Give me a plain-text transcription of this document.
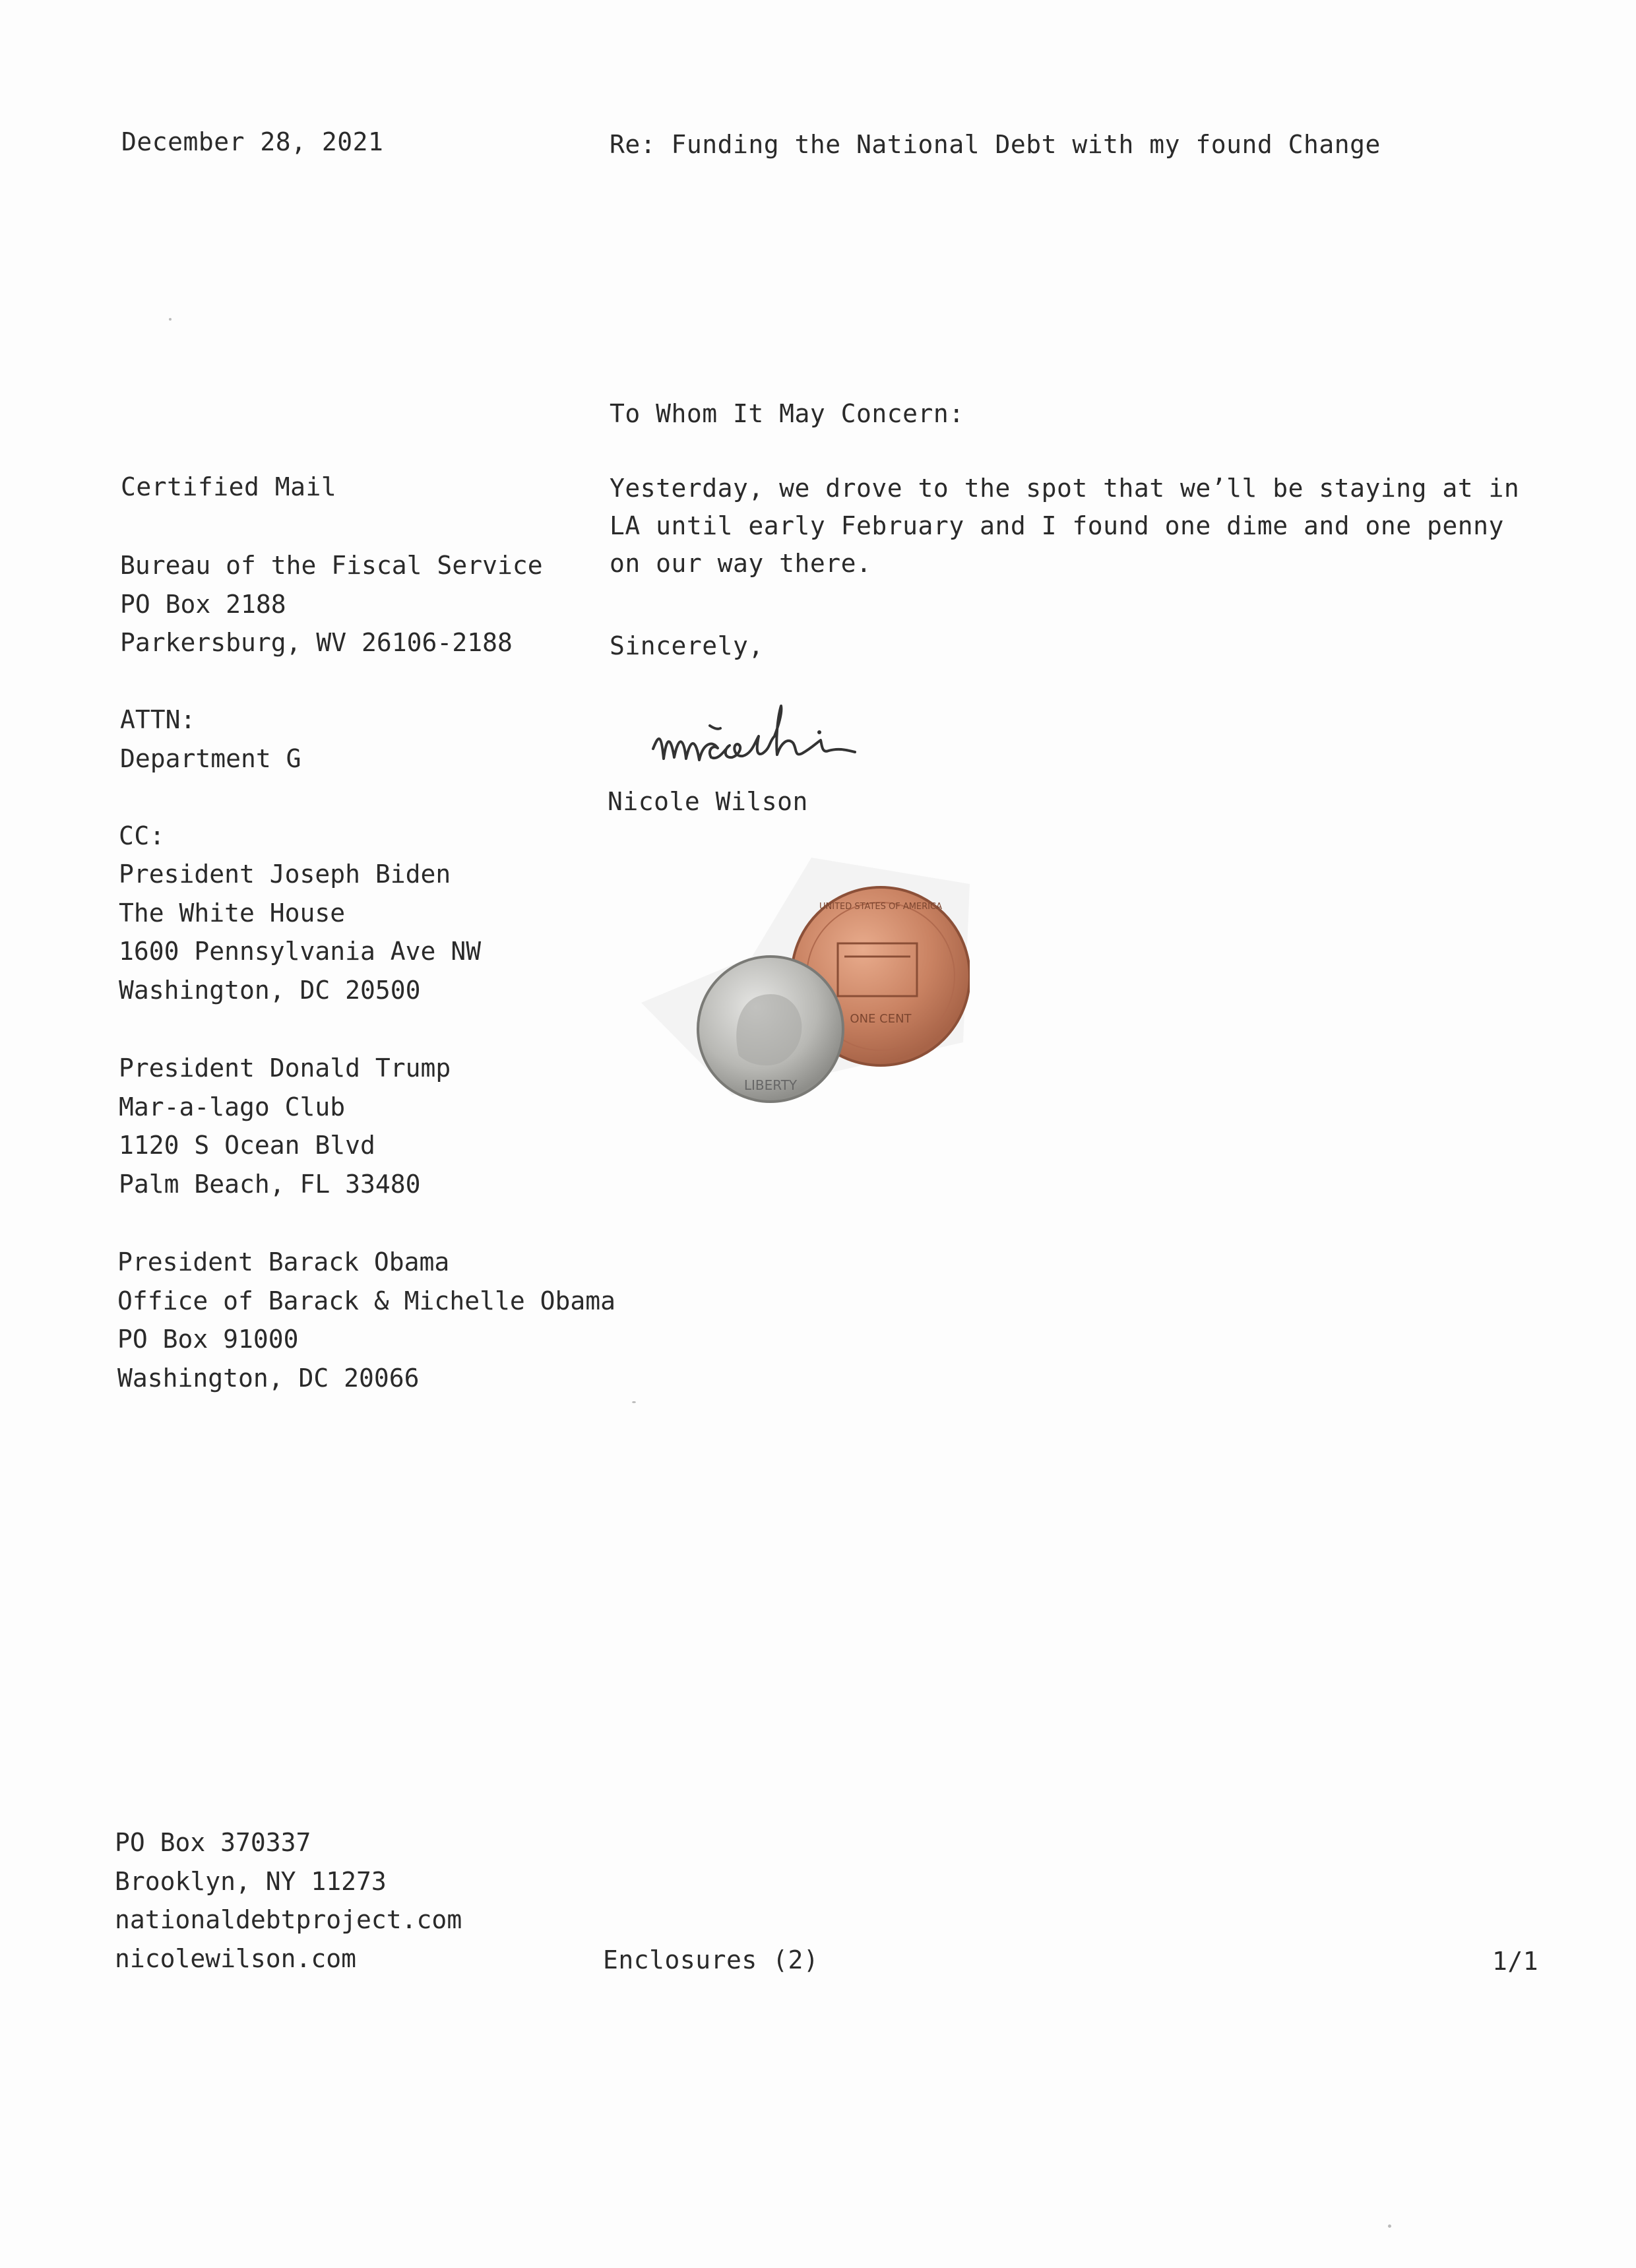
December 28, 2021	Re: Funding the National Debt with my found Change
To Whom It May Concern:
Certified Mail	Yesterday, we drove to the spot that we’ll be staying at in LA until early February and I found one dime and one penny on our way there.
Bureau of the Fiscal Service
PO Box 2188
Parkersburg, WV 26106-2188	Sincerely,
ATTN:
Department G
Nicole Wilson
CC:
President Joseph Biden
The White House
1600 Pennsylvania Ave NW
Washington, DC 20500
ONE CENT
UNITED STATES OF AMERICA
LIBERTY
President Donald Trump
Mar-a-lago Club
1120 S Ocean Blvd
Palm Beach, FL 33480
President Barack Obama
Office of Barack & Michelle Obama
PO Box 91000
Washington, DC 20066
PO Box 370337
Brooklyn, NY 11273
nationaldebtproject.com
nicolewilson.com	Enclosures (2)	1/1
